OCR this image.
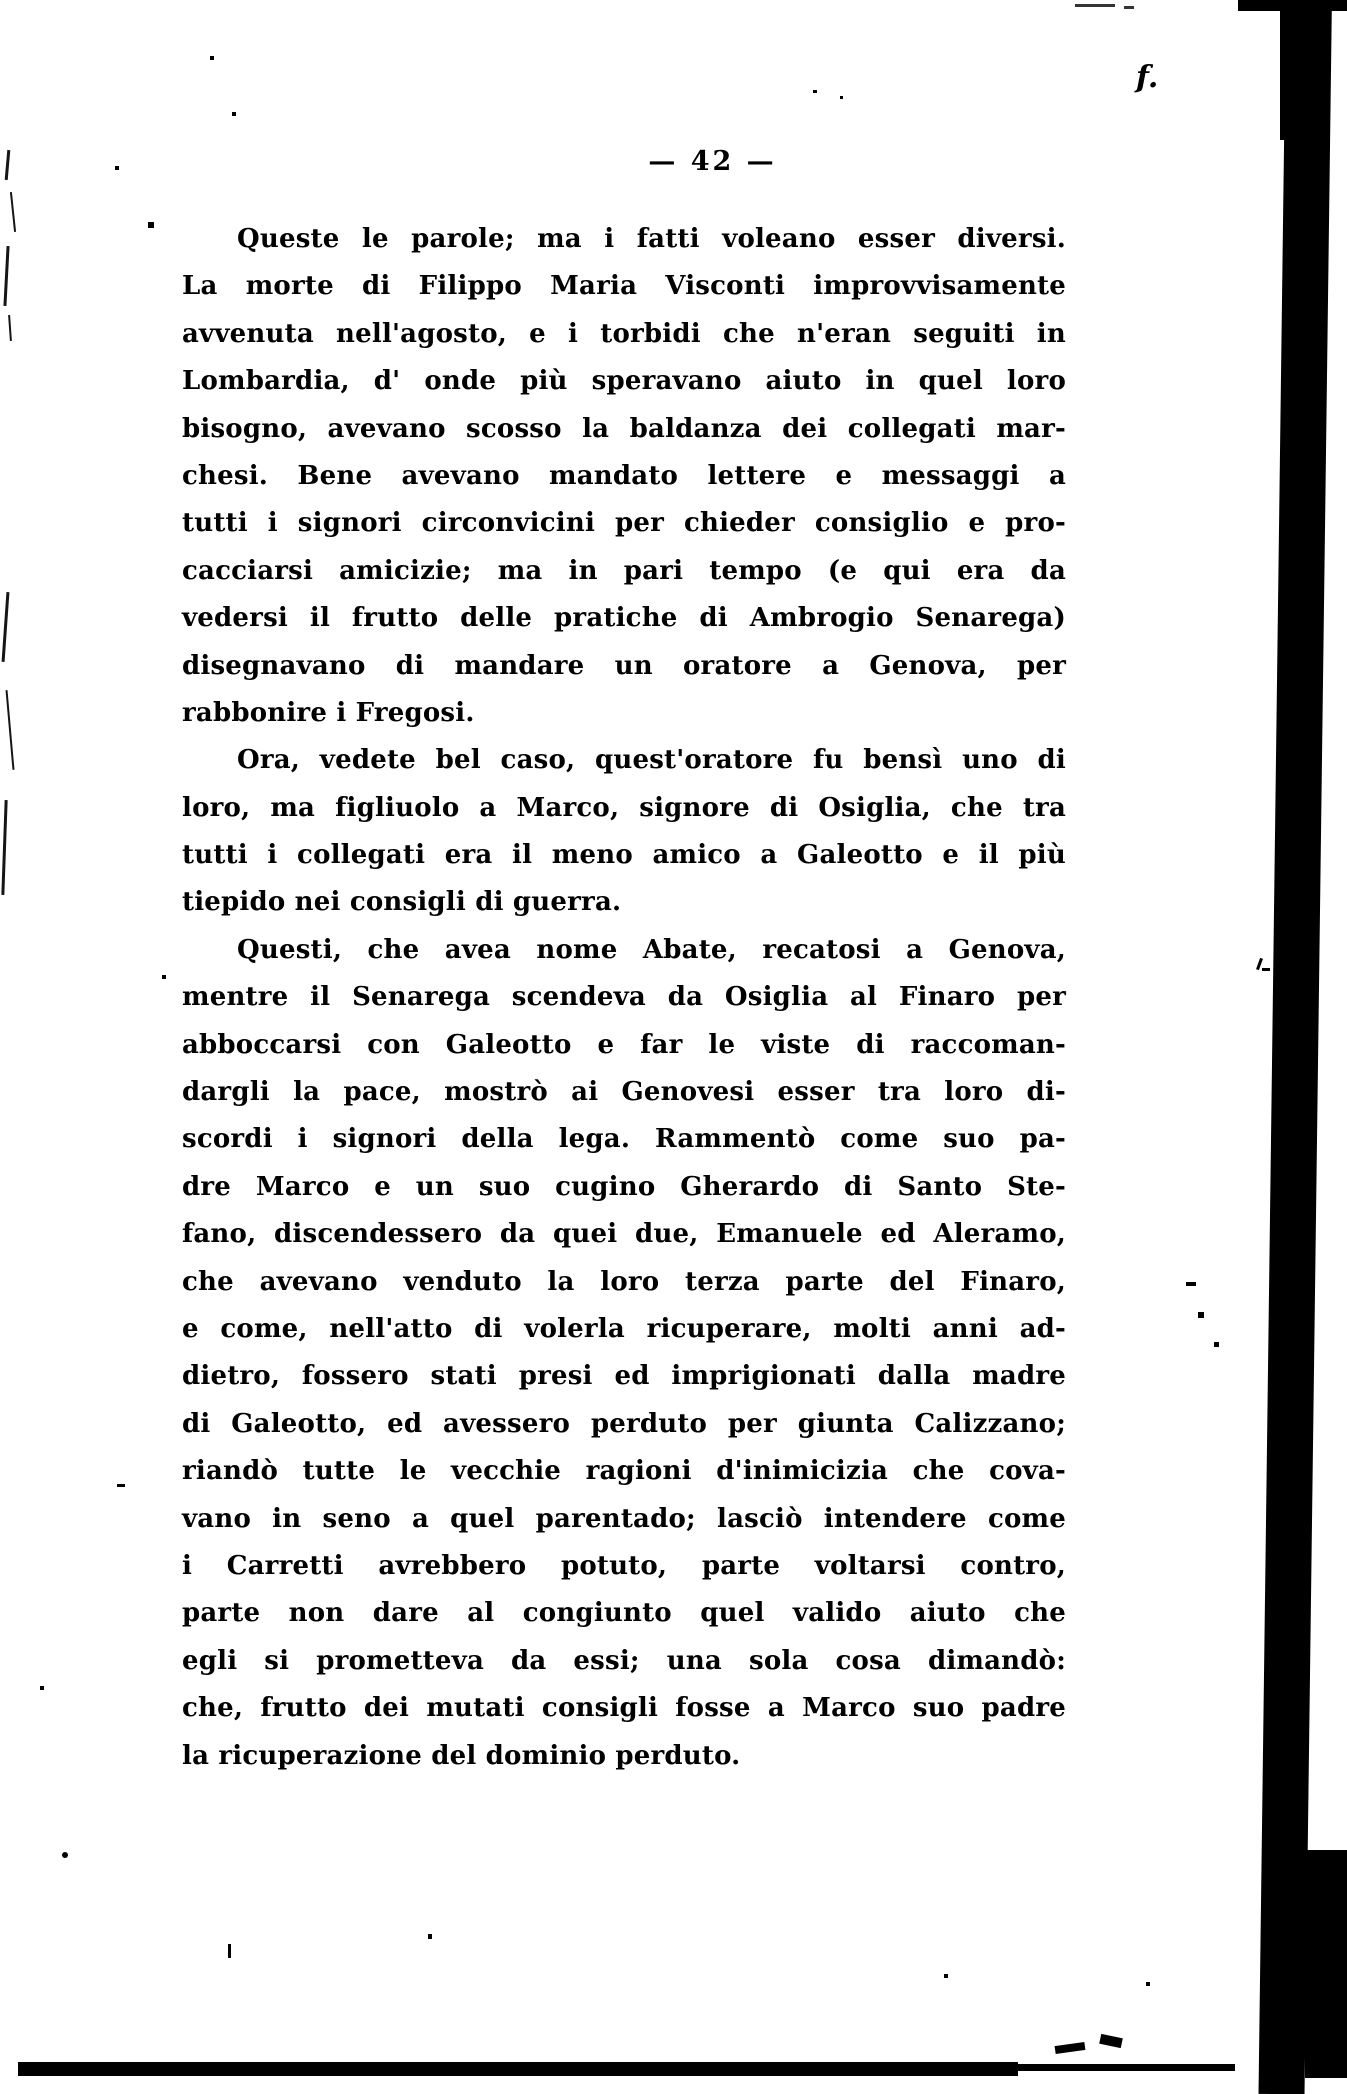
— 42 —
Queste le parole; ma i fatti voleano esser diversi.
La morte di Filippo Maria Visconti improvvisamente
avvenuta nell'agosto, e i torbidi che n'eran seguiti in
Lombardia, d' onde più speravano aiuto in quel loro
bisogno, avevano scosso la baldanza dei collegati mar-
chesi. Bene avevano mandato lettere e messaggi a
tutti i signori circonvicini per chieder consiglio e pro-
cacciarsi amicizie; ma in pari tempo (e qui era da
vedersi il frutto delle pratiche di Ambrogio Senarega)
disegnavano di mandare un oratore a Genova, per
rabbonire i Fregosi.
Ora, vedete bel caso, quest'oratore fu bensì uno di
loro, ma figliuolo a Marco, signore di Osiglia, che tra
tutti i collegati era il meno amico a Galeotto e il più
tiepido nei consigli di guerra.
Questi, che avea nome Abate, recatosi a Genova,
mentre il Senarega scendeva da Osiglia al Finaro per
abboccarsi con Galeotto e far le viste di raccoman-
dargli la pace, mostrò ai Genovesi esser tra loro di-
scordi i signori della lega. Rammentò come suo pa-
dre Marco e un suo cugino Gherardo di Santo Ste-
fano, discendessero da quei due, Emanuele ed Aleramo,
che avevano venduto la loro terza parte del Finaro,
e come, nell'atto di volerla ricuperare, molti anni ad-
dietro, fossero stati presi ed imprigionati dalla madre
di Galeotto, ed avessero perduto per giunta Calizzano;
riandò tutte le vecchie ragioni d'inimicizia che cova-
vano in seno a quel parentado; lasciò intendere come
i Carretti avrebbero potuto, parte voltarsi contro,
parte non dare al congiunto quel valido aiuto che
egli si prometteva da essi; una sola cosa dimandò:
che, frutto dei mutati consigli fosse a Marco suo padre
la ricuperazione del dominio perduto.
f.
